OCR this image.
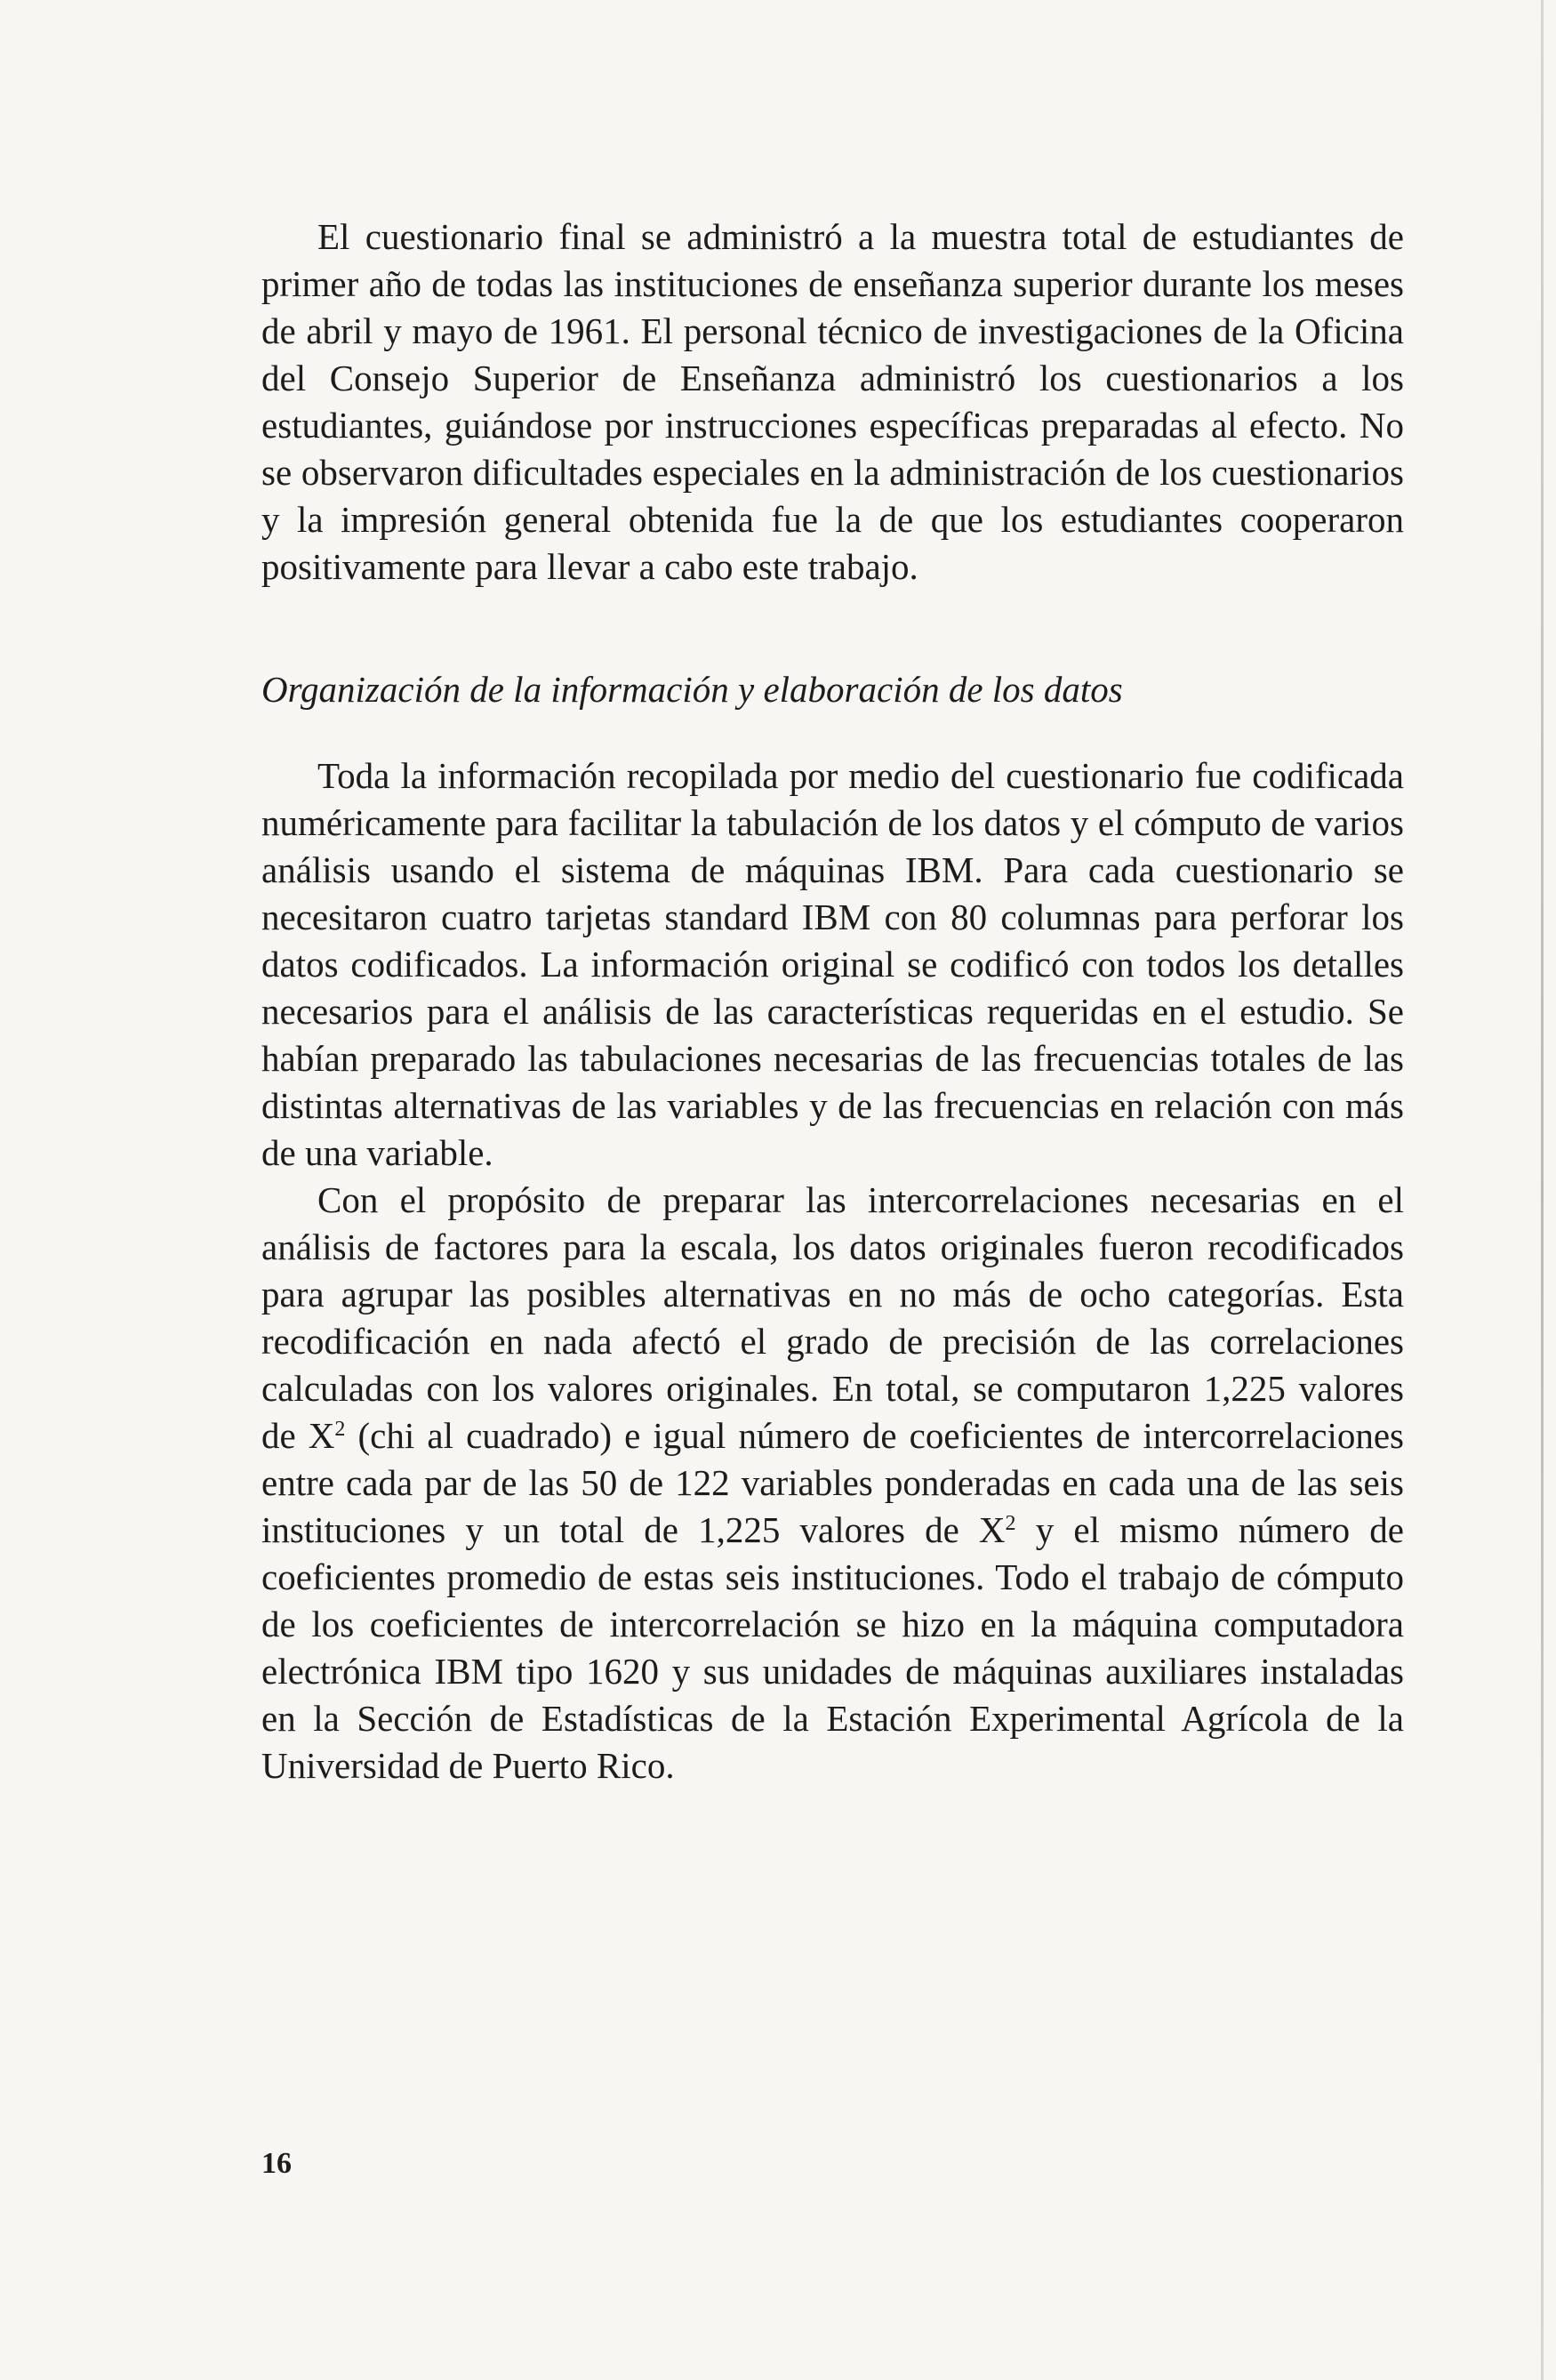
El cuestionario final se administró a la muestra total de estudiantes de primer año de todas las instituciones de enseñanza superior durante los meses de abril y mayo de 1961. El personal técnico de investigaciones de la Oficina del Consejo Superior de Enseñanza administró los cuestionarios a los estudiantes, guiándose por instrucciones específicas preparadas al efecto. No se observaron dificultades especiales en la administración de los cuestionarios y la impresión general obtenida fue la de que los estudiantes cooperaron positivamente para llevar a cabo este trabajo.

Organización de la información y elaboración de los datos

Toda la información recopilada por medio del cuestionario fue codificada numéricamente para facilitar la tabulación de los datos y el cómputo de varios análisis usando el sistema de máquinas IBM. Para cada cuestionario se necesitaron cuatro tarjetas standard IBM con 80 columnas para perforar los datos codificados. La información original se codificó con todos los detalles necesarios para el análisis de las características requeridas en el estudio. Se habían preparado las tabulaciones necesarias de las frecuencias totales de las distintas alternativas de las variables y de las frecuencias en relación con más de una variable.

Con el propósito de preparar las intercorrelaciones necesarias en el análisis de factores para la escala, los datos originales fueron recodificados para agrupar las posibles alternativas en no más de ocho categorías. Esta recodificación en nada afectó el grado de precisión de las correlaciones calculadas con los valores originales. En total, se computaron 1,225 valores de $X^2$ (chi al cuadrado) e igual número de coeficientes de intercorrelaciones entre cada par de las 50 de 122 variables ponderadas en cada una de las seis instituciones y un total de 1,225 valores de $X^2$ y el mismo número de coeficientes promedio de estas seis instituciones. Todo el trabajo de cómputo de los coeficientes de intercorrelación se hizo en la máquina computadora electrónica IBM tipo 1620 y sus unidades de máquinas auxiliares instaladas en la Sección de Estadísticas de la Estación Experimental Agrícola de la Universidad de Puerto Rico.

16
